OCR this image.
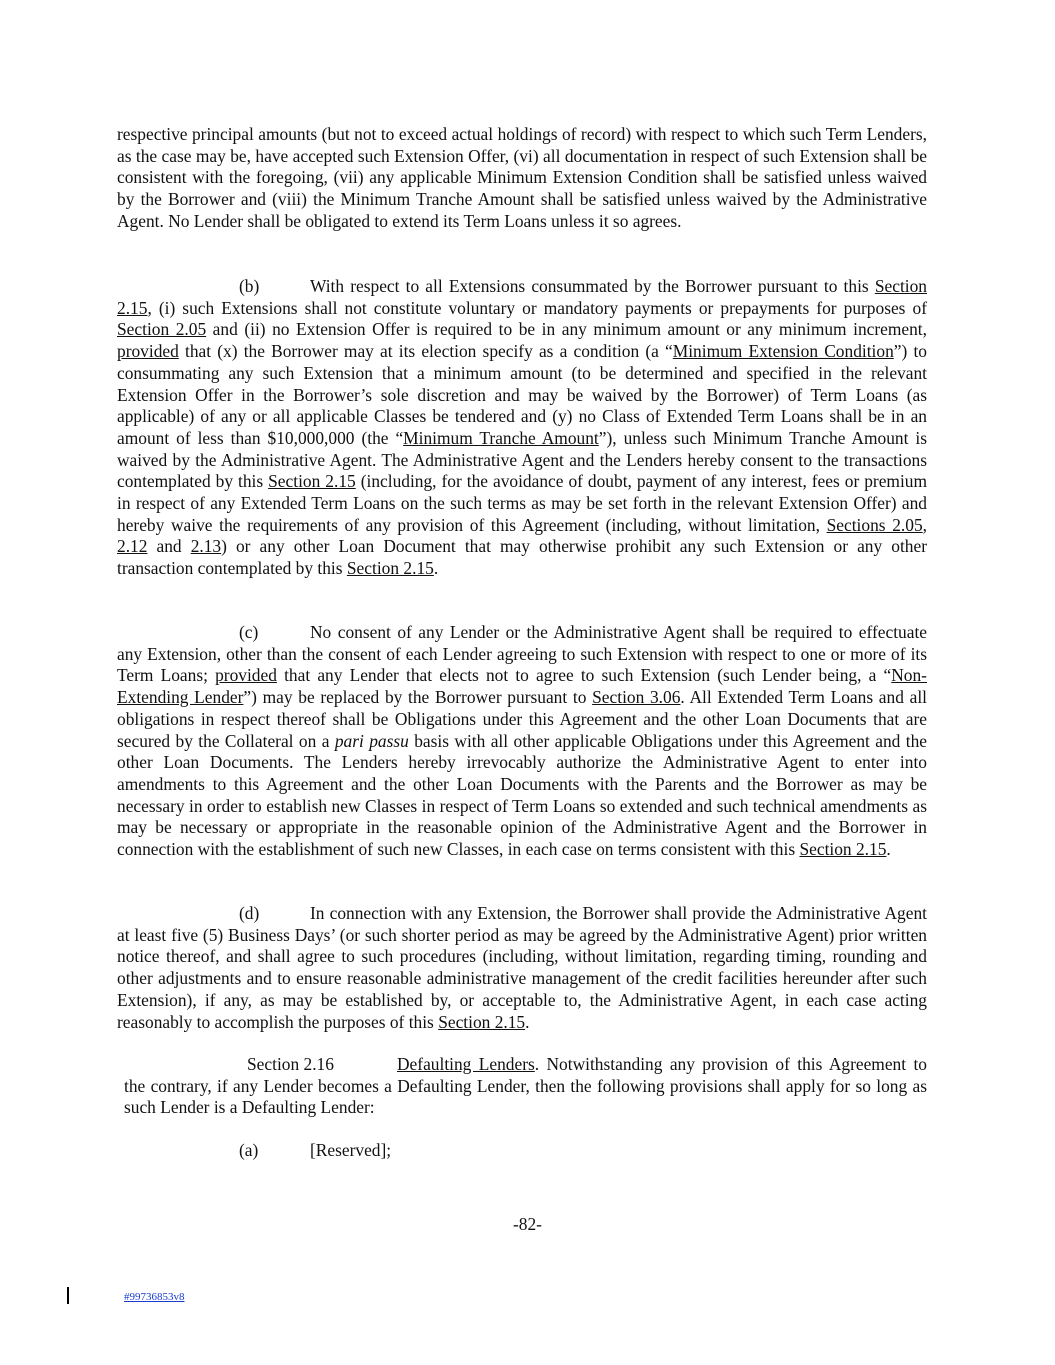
respective principal amounts (but not to exceed actual holdings of record) with respect to which such Term Lenders, as the case may be, have accepted such Extension Offer, (vi) all documentation in respect of such Extension shall be consistent with the foregoing, (vii) any applicable Minimum Extension Condition shall be satisfied unless waived by the Borrower and (viii) the Minimum Tranche Amount shall be satisfied unless waived by the Administrative Agent. No Lender shall be obligated to extend its Term Loans unless it so agrees.

(b)	With respect to all Extensions consummated by the Borrower pursuant to this Section 2.15, (i) such Extensions shall not constitute voluntary or mandatory payments or prepayments for purposes of Section 2.05 and (ii) no Extension Offer is required to be in any minimum amount or any minimum increment, provided that (x) the Borrower may at its election specify as a condition (a “Minimum Extension Condition”) to consummating any such Extension that a minimum amount (to be determined and specified in the relevant Extension Offer in the Borrower’s sole discretion and may be waived by the Borrower) of Term Loans (as applicable) of any or all applicable Classes be tendered and (y) no Class of Extended Term Loans shall be in an amount of less than $10,000,000 (the “Minimum Tranche Amount”), unless such Minimum Tranche Amount is waived by the Administrative Agent. The Administrative Agent and the Lenders hereby consent to the transactions contemplated by this Section 2.15 (including, for the avoidance of doubt, payment of any interest, fees or premium in respect of any Extended Term Loans on the such terms as may be set forth in the relevant Extension Offer) and hereby waive the requirements of any provision of this Agreement (including, without limitation, Sections 2.05, 2.12 and 2.13) or any other Loan Document that may otherwise prohibit any such Extension or any other transaction contemplated by this Section 2.15.

(c)	No consent of any Lender or the Administrative Agent shall be required to effectuate any Extension, other than the consent of each Lender agreeing to such Extension with respect to one or more of its Term Loans; provided that any Lender that elects not to agree to such Extension (such Lender being, a “Non-Extending Lender”) may be replaced by the Borrower pursuant to Section 3.06. All Extended Term Loans and all obligations in respect thereof shall be Obligations under this Agreement and the other Loan Documents that are secured by the Collateral on a pari passu basis with all other applicable Obligations under this Agreement and the other Loan Documents. The Lenders hereby irrevocably authorize the Administrative Agent to enter into amendments to this Agreement and the other Loan Documents with the Parents and the Borrower as may be necessary in order to establish new Classes in respect of Term Loans so extended and such technical amendments as may be necessary or appropriate in the reasonable opinion of the Administrative Agent and the Borrower in connection with the establishment of such new Classes, in each case on terms consistent with this Section 2.15.

(d)	In connection with any Extension, the Borrower shall provide the Administrative Agent at least five (5) Business Days’ (or such shorter period as may be agreed by the Administrative Agent) prior written notice thereof, and shall agree to such procedures (including, without limitation, regarding timing, rounding and other adjustments and to ensure reasonable administrative management of the credit facilities hereunder after such Extension), if any, as may be established by, or acceptable to, the Administrative Agent, in each case acting reasonably to accomplish the purposes of this Section 2.15.

Section 2.16	Defaulting Lenders. Notwithstanding any provision of this Agreement to the contrary, if any Lender becomes a Defaulting Lender, then the following provisions shall apply for so long as such Lender is a Defaulting Lender:

(a)	[Reserved];

-82-
#99736853v8
